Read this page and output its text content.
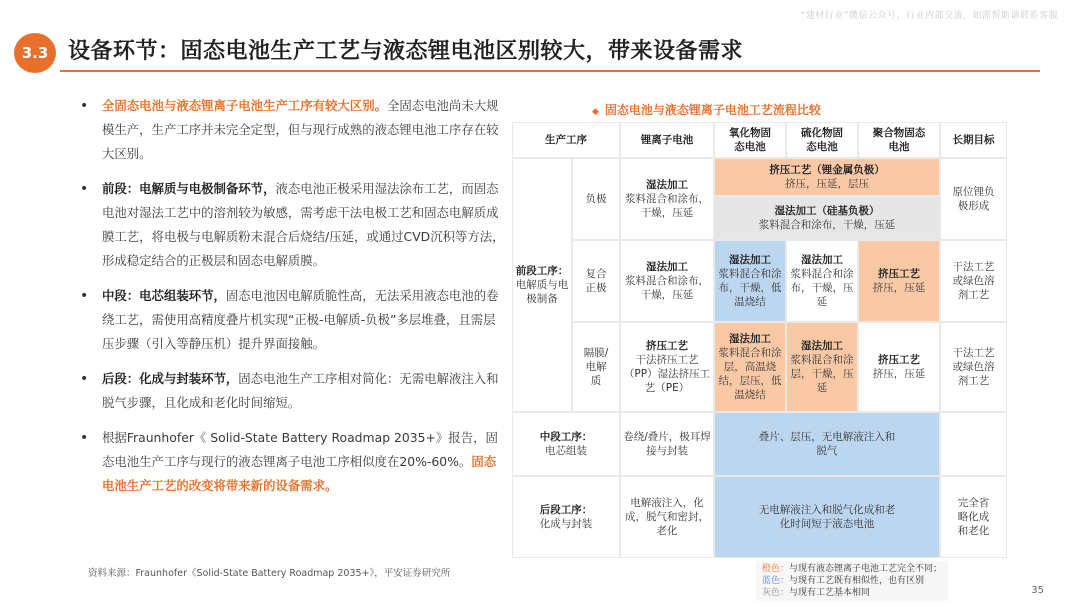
“建材行业”微信公众号，行业内部交流，如需帮助请联系客服
3.3 设备环节：固态电池生产工艺与液态锂电池区别较大，带来设备需求
• 全固态电池与液态锂离子电池生产工序有较大区别。全固态电池尚未大规模生产，生产工序并未完全定型，但与现行成熟的液态锂电池工序存在较大区别。
• 前段：电解质与电极制备环节，液态电池正极采用湿法涂布工艺，而固态电池对湿法工艺中的溶剂较为敏感，需考虑干法电极工艺和固态电解质成膜工艺，将电极与电解质粉末混合后烧结/压延，或通过CVD沉积等方法，形成稳定结合的正极层和固态电解质膜。
• 中段：电芯组装环节，固态电池因电解质脆性高，无法采用液态电池的卷绕工艺，需使用高精度叠片机实现“正极-电解质-负极”多层堆叠，且需层压步骤（引入等静压机）提升界面接触。
• 后段：化成与封装环节，固态电池生产工序相对简化：无需电解液注入和脱气步骤，且化成和老化时间缩短。
• 根据Fraunhofer《 Solid-State Battery Roadmap 2035+》报告，固态电池生产工序与现行的液态锂离子电池工序相似度在20%-60%。固态电池生产工艺的改变将带来新的设备需求。
资料来源：Fraunhofer《Solid-State Battery Roadmap 2035+》，平安证券研究所
◆ 固态电池与液态锂离子电池工艺流程比较
生产工序	锂离子电池
氧化物固态电池
硫化物固态电池
聚合物固态电池
长期目标
前段工序：
电解质与电极制备
负极
湿法加工
浆料混合和涂布，干燥，压延
挤压工艺（锂金属负极）
挤压，压延，层压
湿法加工（硅基负极）
浆料混合和涂布，干燥，压延
原位锂负极形成
复合正极
湿法加工
浆料混合和涂布，干燥，压延
湿法加工
浆料混合和涂布，干燥，低温烧结
湿法加工
浆料混合和涂布，干燥，压延
挤压工艺
挤压，压延
干法工艺或绿色溶剂工艺
隔膜/电解质
挤压工艺
干法挤压工艺（PP）湿法挤压工艺（PE）
湿法加工
浆料混合和涂层，高温烧结，层压，低温烧结
湿法加工
浆料混合和涂层，干燥，压延
挤压工艺
挤压，压延
干法工艺或绿色溶剂工艺
中段工序：
电芯组装
卷绕/叠片，极耳焊接与封装
叠片、层压，无电解液注入和脱气
后段工序：
化成与封装
电解液注入，化成，脱气和密封，老化
无电解液注入和脱气化成和老化时间短于液态电池
完全省略化成和老化
橙色：与现有液态锂离子电池工艺完全不同；
蓝色：与现有工艺既有相似性，也有区别
灰色：与现有工艺基本相同	35
